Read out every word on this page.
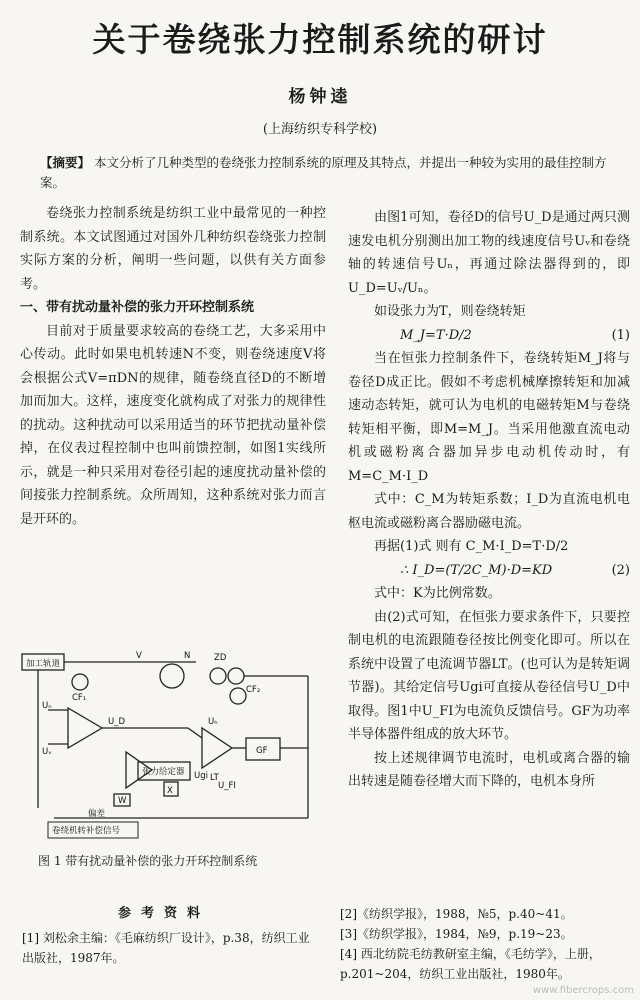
关于卷绕张力控制系统的研讨
杨钟逵
(上海纺织专科学校)
【摘要】 本文分析了几种类型的卷绕张力控制系统的原理及其特点，并提出一种较为实用的最佳控制方案。

卷绕张力控制系统是纺织工业中最常见的一种控制系统。本文试图通过对国外几种纺织卷绕张力控制实际方案的分析，阐明一些问题，以供有关方面参考。

一、带有扰动量补偿的张力开环控制系统

目前对于质量要求较高的卷绕工艺，大多采用中心传动。此时如果电机转速N不变，则卷绕速度V将会根据公式V=πDN的规律，随卷绕直径D的不断增加而加大。这样，速度变化就构成了对张力的规律性的扰动。这种扰动可以采用适当的环节把扰动量补偿掉，在仪表过程控制中也叫前馈控制，如图1实线所示，就是一种只采用对卷径引起的速度扰动量补偿的间接张力控制系统。众所周知，这种系统对张力而言是开环的。

加工轨道
V	N	ZD
CF₁
CF₂
Uₙ
Uᵥ
U_D	Uₕ
Ugi
U_FI
LT
GF
X
张力给定器
W
偏差
卷绕机转补偿信号
图 1 带有扰动量补偿的张力开环控制系统

由图1可知，卷径D的信号U_D是通过两只测速发电机分别测出加工物的线速度信号Uᵥ和卷绕轴的转速信号Uₙ，再通过除法器得到的，即U_D=Uᵥ/Uₙ。

如设张力为T，则卷绕转矩

M_J=T·D/2	(1)

当在恒张力控制条件下，卷绕转矩M_J将与卷径D成正比。假如不考虑机械摩擦转矩和加减速动态转矩，就可认为电机的电磁转矩M与卷绕转矩相平衡，即M=M_J。当采用他激直流电动机或磁粉离合器加异步电动机传动时，有M=C_M·I_D

式中：C_M为转矩系数；I_D为直流电机电枢电流或磁粉离合器励磁电流。

再据(1)式 则有 C_M·I_D=T·D/2

∴ I_D=(T/2C_M)·D=KD	(2)

式中：K为比例常数。

由(2)式可知，在恒张力要求条件下，只要控制电机的电流跟随卷径按比例变化即可。所以在系统中设置了电流调节器LT。(也可认为是转矩调节器)。其给定信号Ugi可直接从卷径信号U_D中取得。图1中U_FI为电流负反馈信号。GF为功率半导体器件组成的放大环节。

按上述规律调节电流时，电机或离合器的输出转速是随卷径增大而下降的，电机本身所

参考资料
[1] 刘松余主编：《毛麻纺织厂设计》，p.38，纺织工业出版社，1987年。
[2]《纺织学报》，1988，№5，p.40~41。
[3]《纺织学报》，1984，№9，p.19~23。
[4] 西北纺院毛纺教研室主编，《毛纺学》，上册，p.201~204，纺织工业出版社，1980年。
www.fibercrops.com
